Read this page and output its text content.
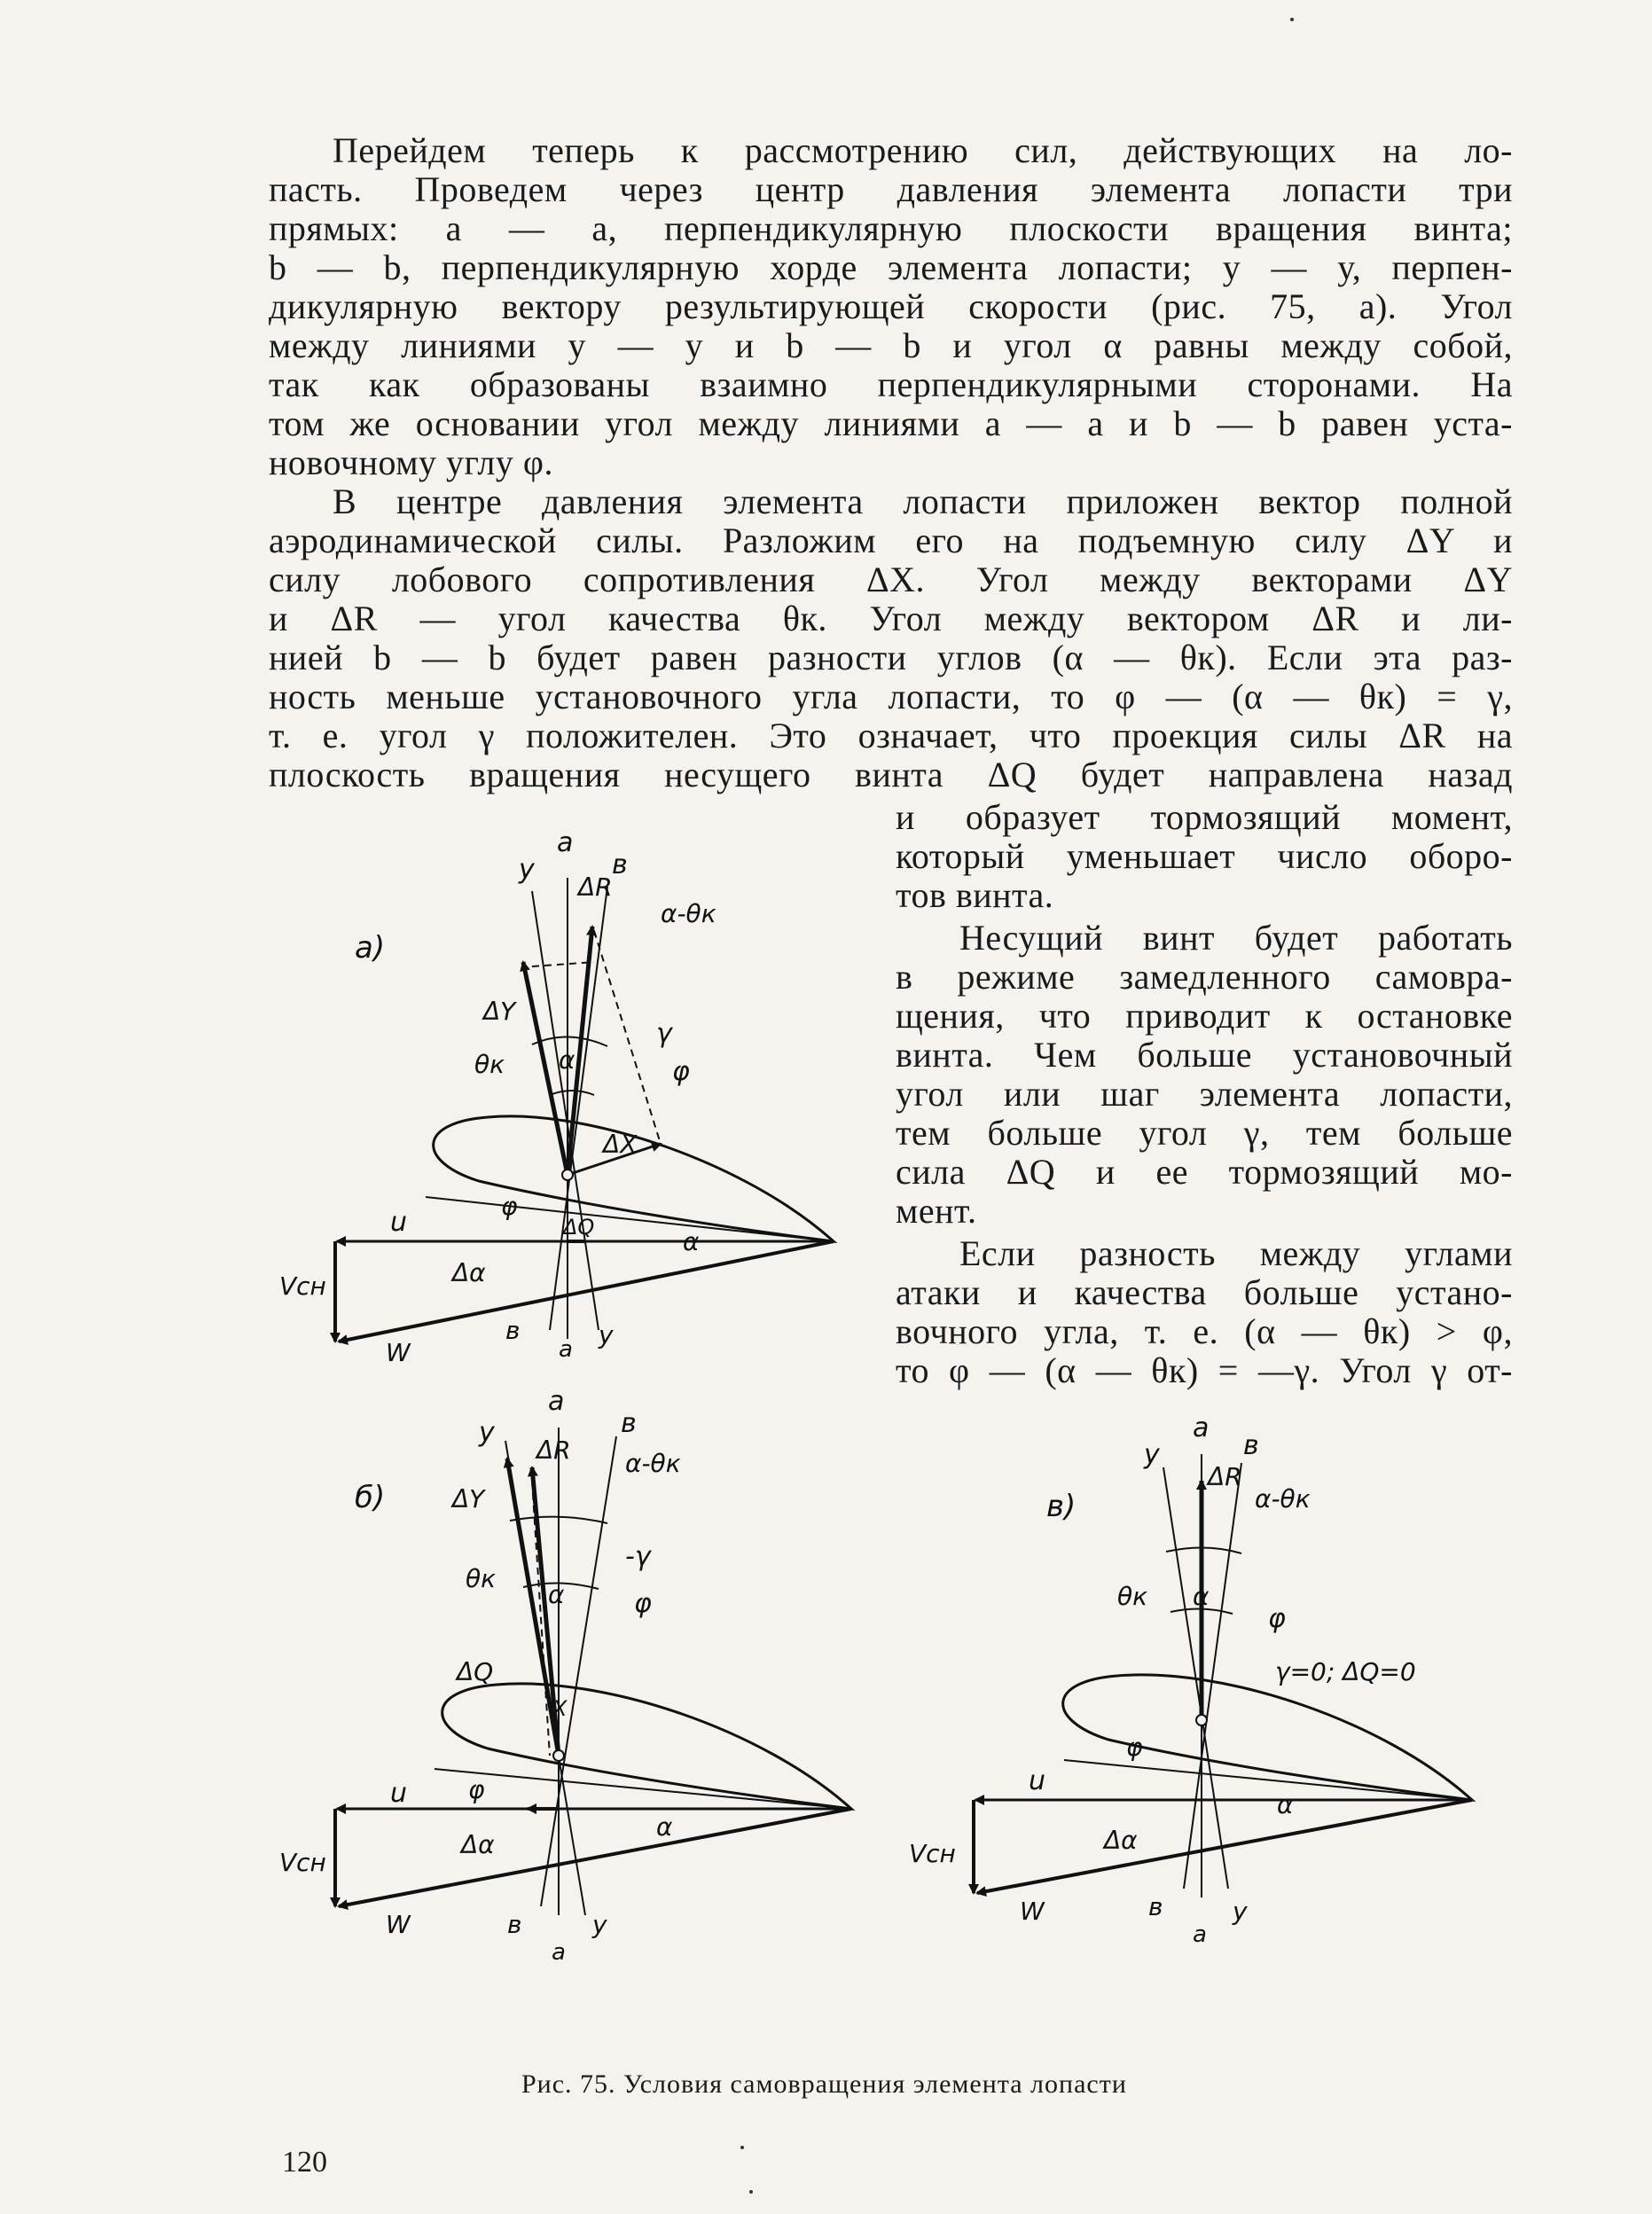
Перейдем теперь к рассмотрению сил, действующих на ло-
пасть. Проведем через центр давления элемента лопасти три
прямых: а — а, перпендикулярную плоскости вращения винта;
b — b, перпендикулярную хорде элемента лопасти; у — у, перпен-
дикулярную вектору результирующей скорости (рис. 75, а). Угол
между линиями у — у и b — b и угол α равны между собой,
так как образованы взаимно перпендикулярными сторонами. На
том же основании угол между линиями а — а и b — b равен уста-
новочному углу φ.
В центре давления элемента лопасти приложен вектор полной
аэродинамической силы. Разложим его на подъемную силу ΔY и
силу лобового сопротивления ΔX. Угол между векторами ΔY
и ΔR — угол качества θк. Угол между вектором ΔR и ли-
нией b — b будет равен разности углов (α — θк). Если эта раз-
ность меньше установочного угла лопасти, то φ — (α — θк) = γ,
т. е. угол γ положителен. Это означает, что проекция силы ΔR на
плоскость вращения несущего винта ΔQ будет направлена назад
и образует тормозящий момент,
который уменьшает число оборо-
тов винта.
Несущий винт будет работать
в режиме замедленного самовра-
щения, что приводит к остановке
винта. Чем больше установочный
угол или шаг элемента лопасти,
тем больше угол γ, тем больше
сила ΔQ и ее тормозящий мо-
мент.
Если разность между углами
атаки и качества больше устано-
вочного угла, т. е. (α — θк) > φ,
то φ — (α — θк) = —γ. Угол γ от-
а)
у
а
в
ΔR
α-θк
ΔY
γ
θк α	φ
ΔX
u
φ
ΔQ	α
Vсн	Δα
W
в
а у
б)
у
а
в
ΔR α-θк
ΔY
-γ
θк
α	φ
ΔQ
X
u φ
Vсн
Δα
α
W	в
а
у
в)
у
а
в
ΔR
α-θк
θк α
φ
γ=0; ΔQ=0
u
φ
α
Vсн	Δα
W	в
а
у
Рис. 75. Условия самовращения элемента лопасти
120
